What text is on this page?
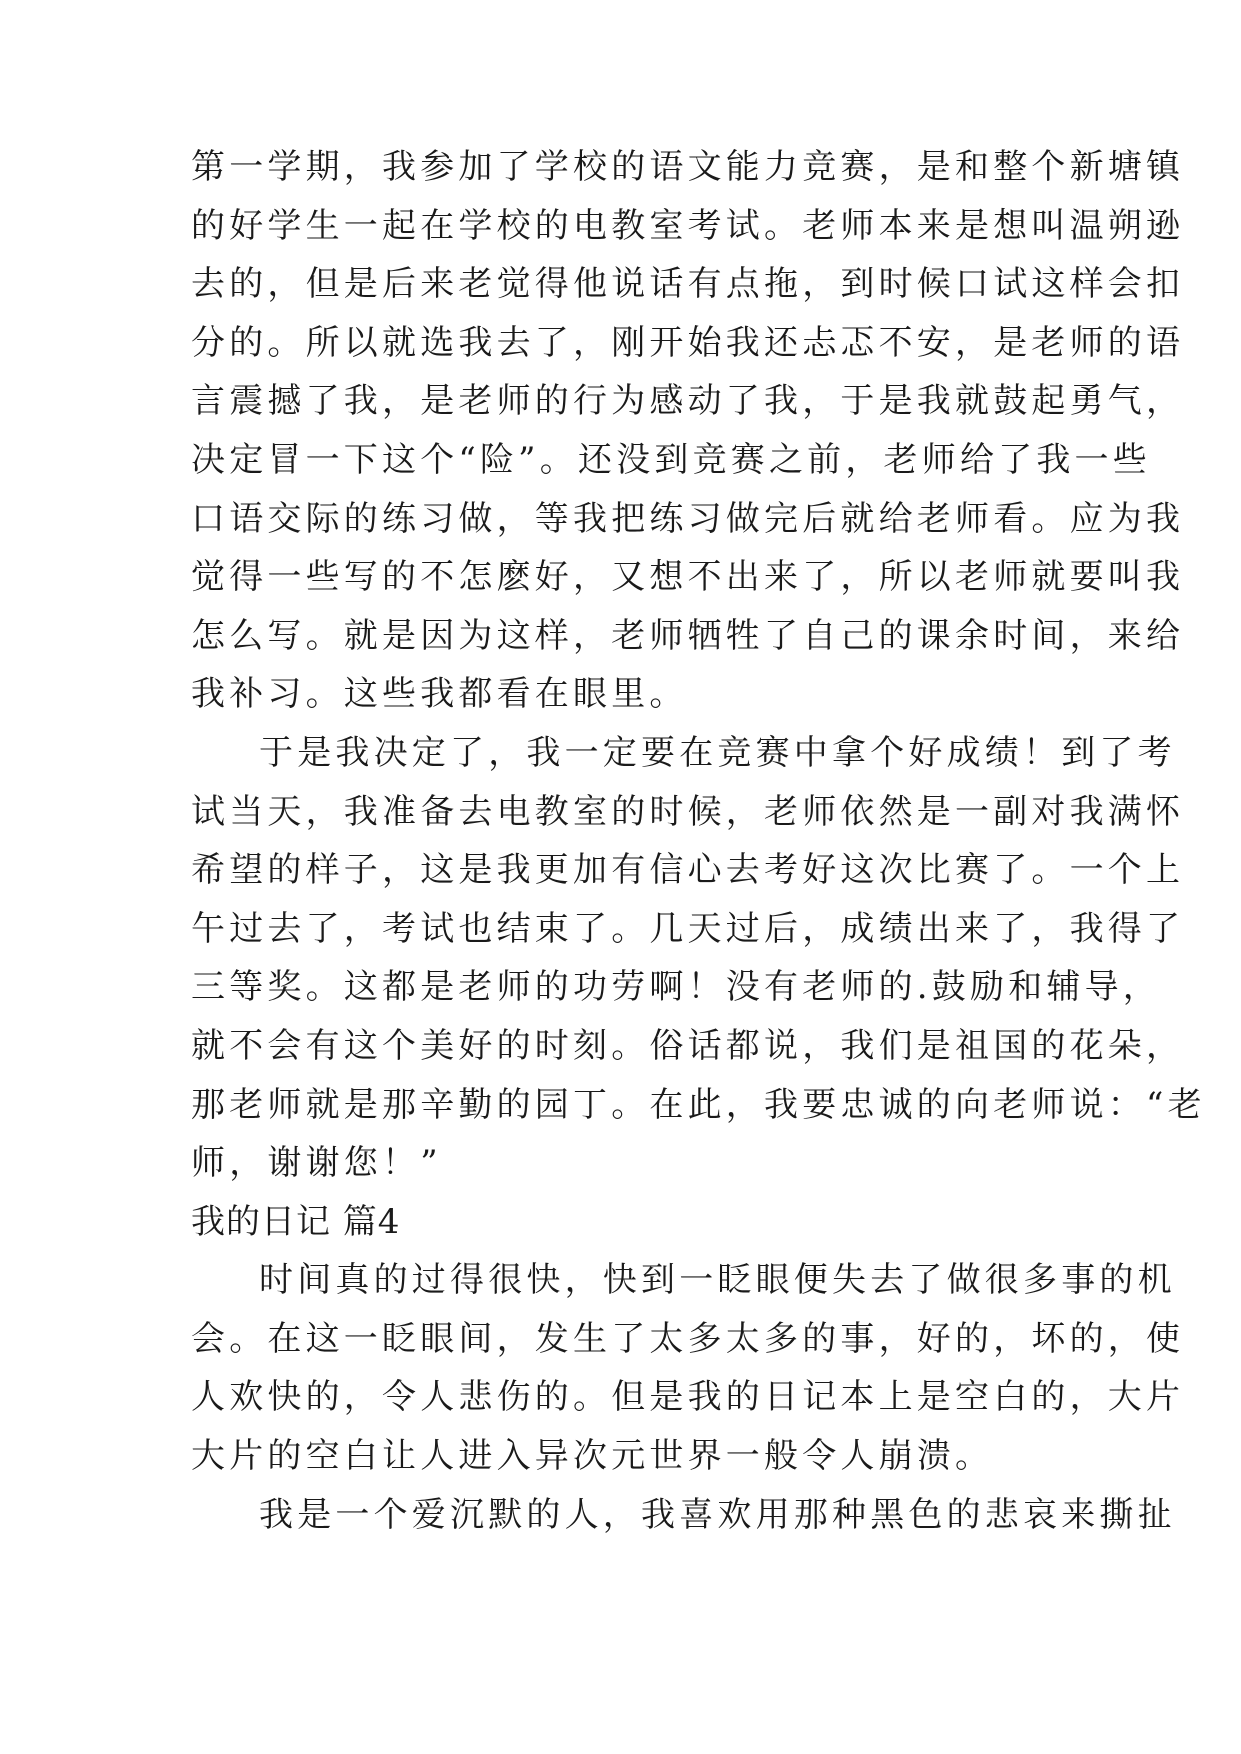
第一学期，我参加了学校的语文能力竞赛，是和整个新塘镇
的好学生一起在学校的电教室考试。老师本来是想叫温朔逊
去的，但是后来老觉得他说话有点拖，到时候口试这样会扣
分的。所以就选我去了，刚开始我还忐忑不安，是老师的语
言震撼了我，是老师的行为感动了我，于是我就鼓起勇气，
决定冒一下这个“险”。还没到竞赛之前，老师给了我一些
口语交际的练习做，等我把练习做完后就给老师看。应为我
觉得一些写的不怎麽好，又想不出来了，所以老师就要叫我
怎么写。就是因为这样，老师牺牲了自己的课余时间，来给
我补习。这些我都看在眼里。
于是我决定了，我一定要在竞赛中拿个好成绩！到了考
试当天，我准备去电教室的时候，老师依然是一副对我满怀
希望的样子，这是我更加有信心去考好这次比赛了。一个上
午过去了，考试也结束了。几天过后，成绩出来了，我得了
三等奖。这都是老师的功劳啊！没有老师的.鼓励和辅导，
就不会有这个美好的时刻。俗话都说，我们是祖国的花朵，
那老师就是那辛勤的园丁。在此，我要忠诚的向老师说：“老
师，谢谢您！”
我的日记 篇4
时间真的过得很快，快到一眨眼便失去了做很多事的机
会。在这一眨眼间，发生了太多太多的事，好的，坏的，使
人欢快的，令人悲伤的。但是我的日记本上是空白的，大片
大片的空白让人进入异次元世界一般令人崩溃。
我是一个爱沉默的人，我喜欢用那种黑色的悲哀来撕扯
